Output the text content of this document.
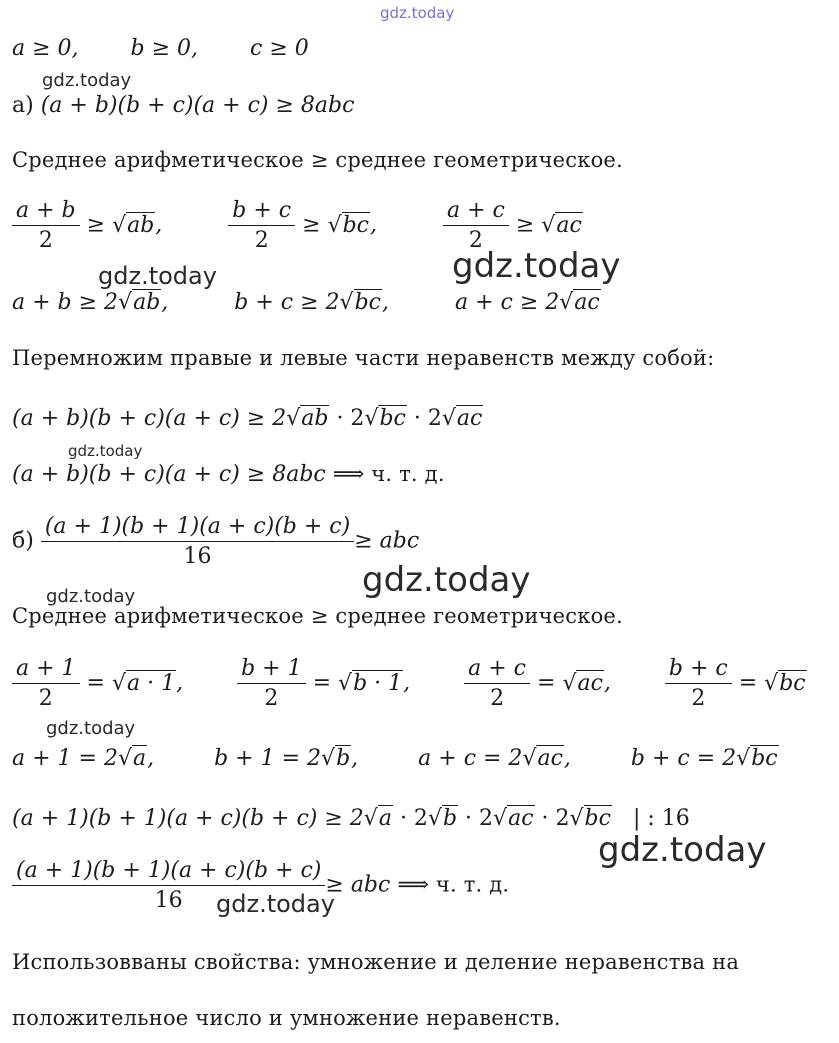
gdz.today
gdz.today
gdz.today	gdz.today
gdz.today
gdz.today
gdz.today
gdz.today
gdz.today
gdz.today
a ≥ 0, b ≥ 0, c ≥ 0
а) (a + b)(b + c)(a + c) ≥ 8abc
Среднее арифметическое ≥ среднее геометрическое.
$\frac{a + b}{2} \ge √ab$,	$\frac{b + c}{2} \ge √bc$,	$\frac{a + c}{2} \ge √ac$
a + b ≥ 2√ab,	b + c ≥ 2√bc,	a + c ≥ 2√ac
Перемножим правые и левые части неравенств между собой:
(a + b)(b + c)(a + c) ≥ 2√ab · 2√bc · 2√ac
(a + b)(b + c)(a + c) ≥ 8abc ⟹ ч. т. д.
$б) \frac{(a + 1)(b + 1)(a + c)(b + c)}{16}$ ≥ abc
Среднее арифметическое ≥ среднее геометрическое.
$\frac{a + 1}{2} = √a \cdot 1$, $\frac{b + 1}{2} = √b \cdot 1$, $\frac{a + c}{2} = √ac$, $\frac{b + c}{2} = √bc$
a + 1 = 2√a,	b + 1 = 2√b,	a + c = 2√ac,	b + c = 2√bc
(a + 1)(b + 1)(a + c)(b + c) ≥ 2√a · 2√b · 2√ac · 2√bc | : 16
$\frac{(a + 1)(b + 1)(a + c)(b + c)}{16}$ ≥ abc ⟹ ч. т. д.
Использовваны свойства: умножение и деление неравенства на
положительное число и умножение неравенств.
